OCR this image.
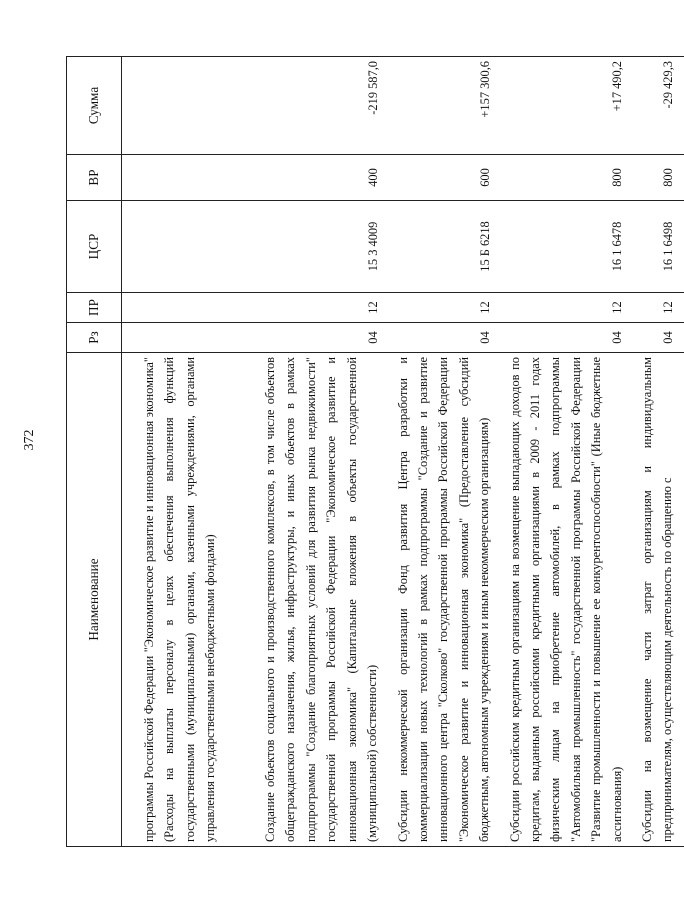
372
Наименование	Рз	ПР	ЦСР	ВР	Сумма
программы Российской Федерации "Экономическое развитие и инновационная экономика" (Расходы на выплаты персоналу в целях обеспечения выполнения функций государственными (муниципальными) органами, казенными учреждениями, органами управления государственными внебюджетными фондами)					
Создание объектов социального и производственного комплексов, в том числе объектов общегражданского назначения, жилья, инфраструктуры, и иных объектов в рамках подпрограммы "Создание благоприятных условий для развития рынка недвижимости" государственной программы Российской Федерации "Экономическое развитие и инновационная экономика" (Капитальные вложения в объекты государственной (муниципальной) собственности)	04	12	15 3 4009	400	-219 587,0
Субсидии некоммерческой организации Фонд развития Центра разработки и коммерциализации новых технологий в рамках подпрограммы "Создание и развитие инновационного центра "Сколково" государственной программы Российской Федерации "Экономическое развитие и инновационная экономика" (Предоставление субсидий бюджетным, автономным учреждениям и иным некоммерческим организациям)	04	12	15 Б 6218	600	+157 300,6
Субсидии российским кредитным организациям на возмещение выпадающих доходов по кредитам, выданным российскими кредитными организациями в 2009 - 2011 годах физическим лицам на приобретение автомобилей, в рамках подпрограммы "Автомобильная промышленность" государственной программы Российской Федерации "Развитие промышленности и повышение ее конкурентоспособности" (Иные бюджетные ассигнования)	04	12	16 1 6478	800	+17 490,2
Субсидии на возмещение части затрат организациям и индивидуальным предпринимателям, осуществляющим деятельность по обращению с	04	12	16 1 6498	800	-29 429,3
